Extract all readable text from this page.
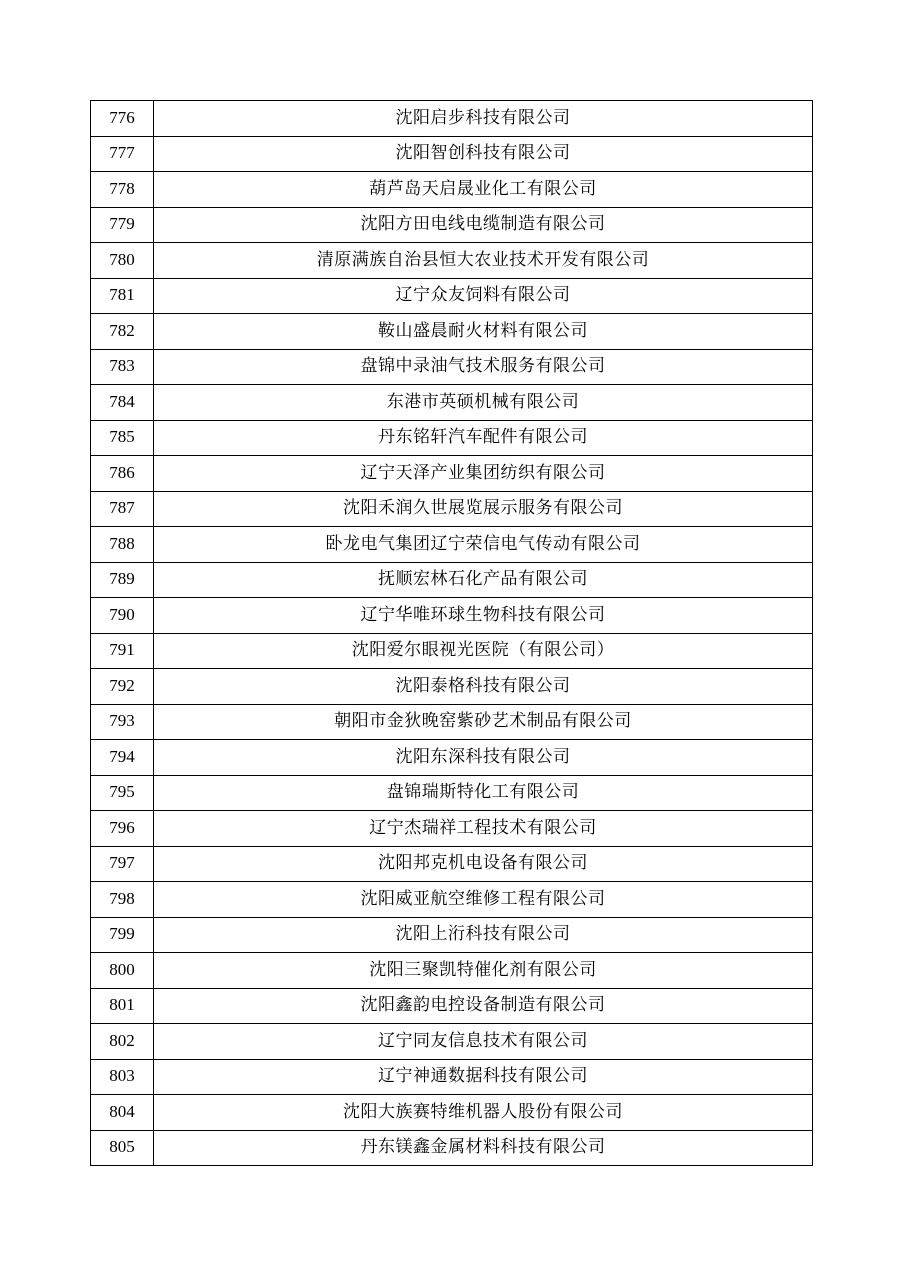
776	沈阳启步科技有限公司
777	沈阳智创科技有限公司
778	葫芦岛天启晟业化工有限公司
779	沈阳方田电线电缆制造有限公司
780	清原满族自治县恒大农业技术开发有限公司
781	辽宁众友饲料有限公司
782	鞍山盛晨耐火材料有限公司
783	盘锦中录油气技术服务有限公司
784	东港市英硕机械有限公司
785	丹东铭轩汽车配件有限公司
786	辽宁天泽产业集团纺织有限公司
787	沈阳禾润久世展览展示服务有限公司
788	卧龙电气集团辽宁荣信电气传动有限公司
789	抚顺宏林石化产品有限公司
790	辽宁华唯环球生物科技有限公司
791	沈阳爱尔眼视光医院（有限公司）
792	沈阳泰格科技有限公司
793	朝阳市金狄晚窑紫砂艺术制品有限公司
794	沈阳东深科技有限公司
795	盘锦瑞斯特化工有限公司
796	辽宁杰瑞祥工程技术有限公司
797	沈阳邦克机电设备有限公司
798	沈阳威亚航空维修工程有限公司
799	沈阳上洐科技有限公司
800	沈阳三聚凯特催化剂有限公司
801	沈阳鑫韵电控设备制造有限公司
802	辽宁同友信息技术有限公司
803	辽宁神通数据科技有限公司
804	沈阳大族赛特维机器人股份有限公司
805	丹东镁鑫金属材料科技有限公司
